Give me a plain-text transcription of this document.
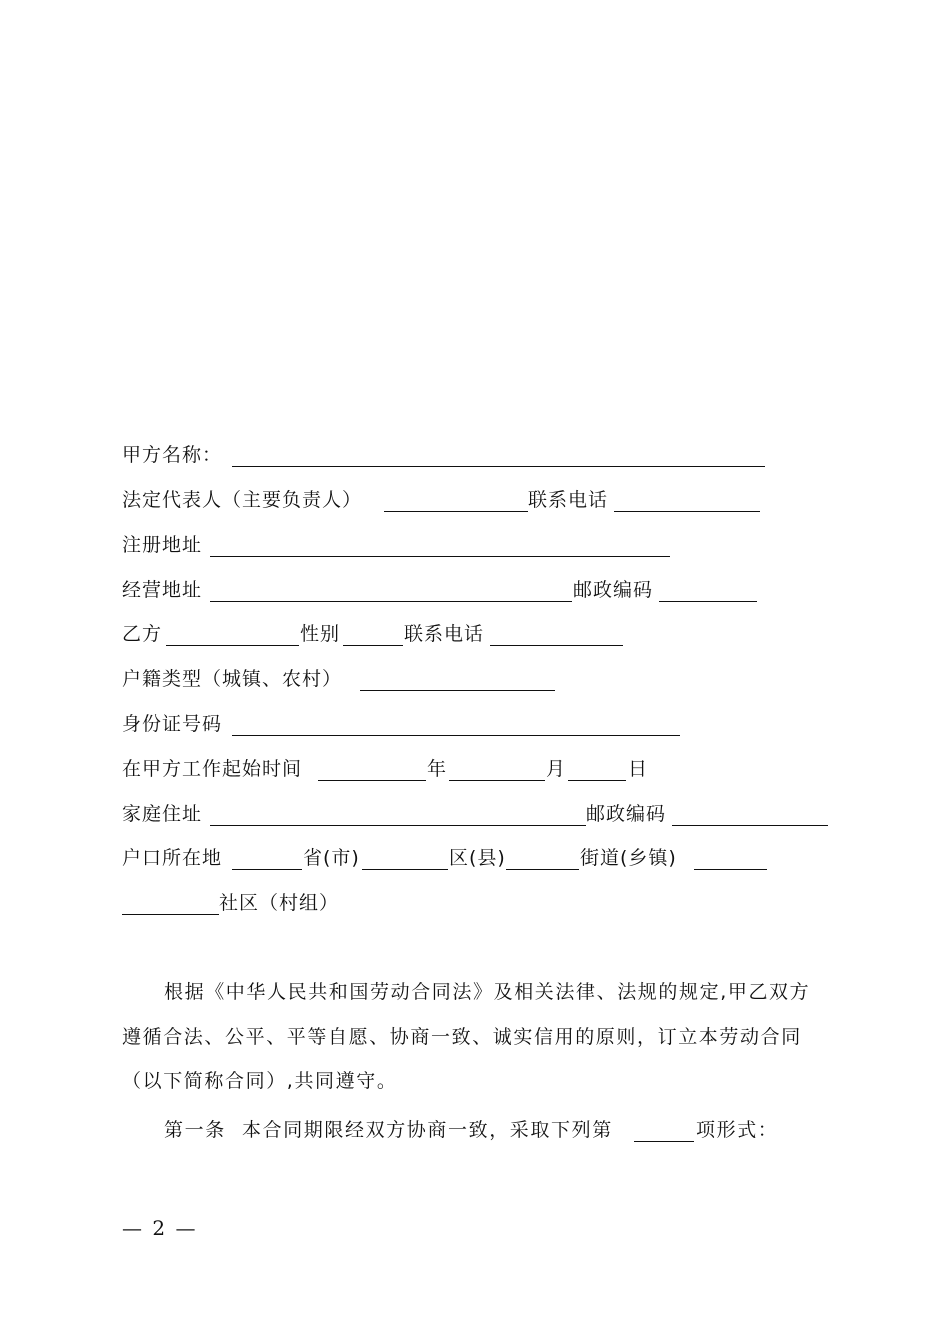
甲方名称：
法定代表人（主要负责人）	联系电话
注册地址
经营地址	邮政编码
乙方	性别	联系电话
户籍类型（城镇、农村）
身份证号码
在甲方工作起始时间	年	月	日
家庭住址	邮政编码
户口所在地	省(市)	区(县)	街道(乡镇)
社区（村组）

根据《中华人民共和国劳动合同法》及相关法律、法规的规定,甲乙双方遵循合法、公平、平等自愿、协商一致、诚实信用的原则，订立本劳动合同（以下简称合同）,共同遵守。

第一条 本合同期限经双方协商一致，采取下列第	项形式：
— 2 —
